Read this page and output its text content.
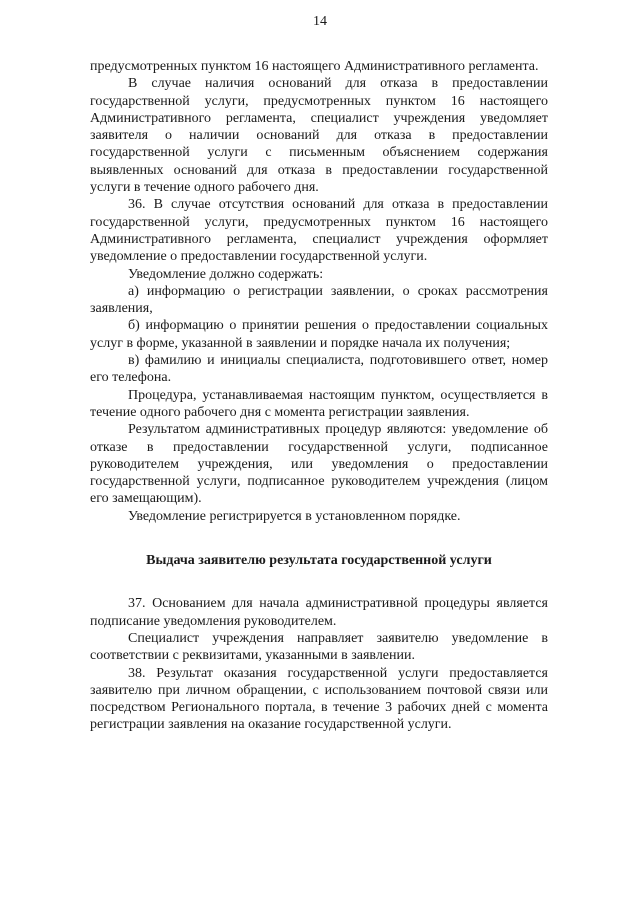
14

предусмотренных пунктом 16 настоящего Административного регламента.

В случае наличия оснований для отказа в предоставлении государственной услуги, предусмотренных пунктом 16 настоящего Административного регламента, специалист учреждения уведомляет заявителя о наличии оснований для отказа в предоставлении государственной услуги с письменным объяснением содержания выявленных оснований для отказа в предоставлении государственной услуги в течение одного рабочего дня.

36. В случае отсутствия оснований для отказа в предоставлении государственной услуги, предусмотренных пунктом 16 настоящего Административного регламента, специалист учреждения оформляет уведомление о предоставлении государственной услуги.

Уведомление должно содержать:

а) информацию о регистрации заявлении, о сроках рассмотрения заявления,

б) информацию о принятии решения о предоставлении социальных услуг в форме, указанной в заявлении и порядке начала их получения;

в) фамилию и инициалы специалиста, подготовившего ответ, номер его телефона.

Процедура, устанавливаемая настоящим пунктом, осуществляется в течение одного рабочего дня с момента регистрации заявления.

Результатом административных процедур являются: уведомление об отказе в предоставлении государственной услуги, подписанное руководителем учреждения, или уведомления о предоставлении государственной услуги, подписанное руководителем учреждения (лицом его замещающим).

Уведомление регистрируется в установленном порядке.

Выдача заявителю результата государственной услуги

37. Основанием для начала административной процедуры является подписание уведомления руководителем.

Специалист учреждения направляет заявителю уведомление в соответствии с реквизитами, указанными в заявлении.

38. Результат оказания государственной услуги предоставляется заявителю при личном обращении, с использованием почтовой связи или посредством Регионального портала, в течение 3 рабочих дней с момента регистрации заявления на оказание государственной услуги.
